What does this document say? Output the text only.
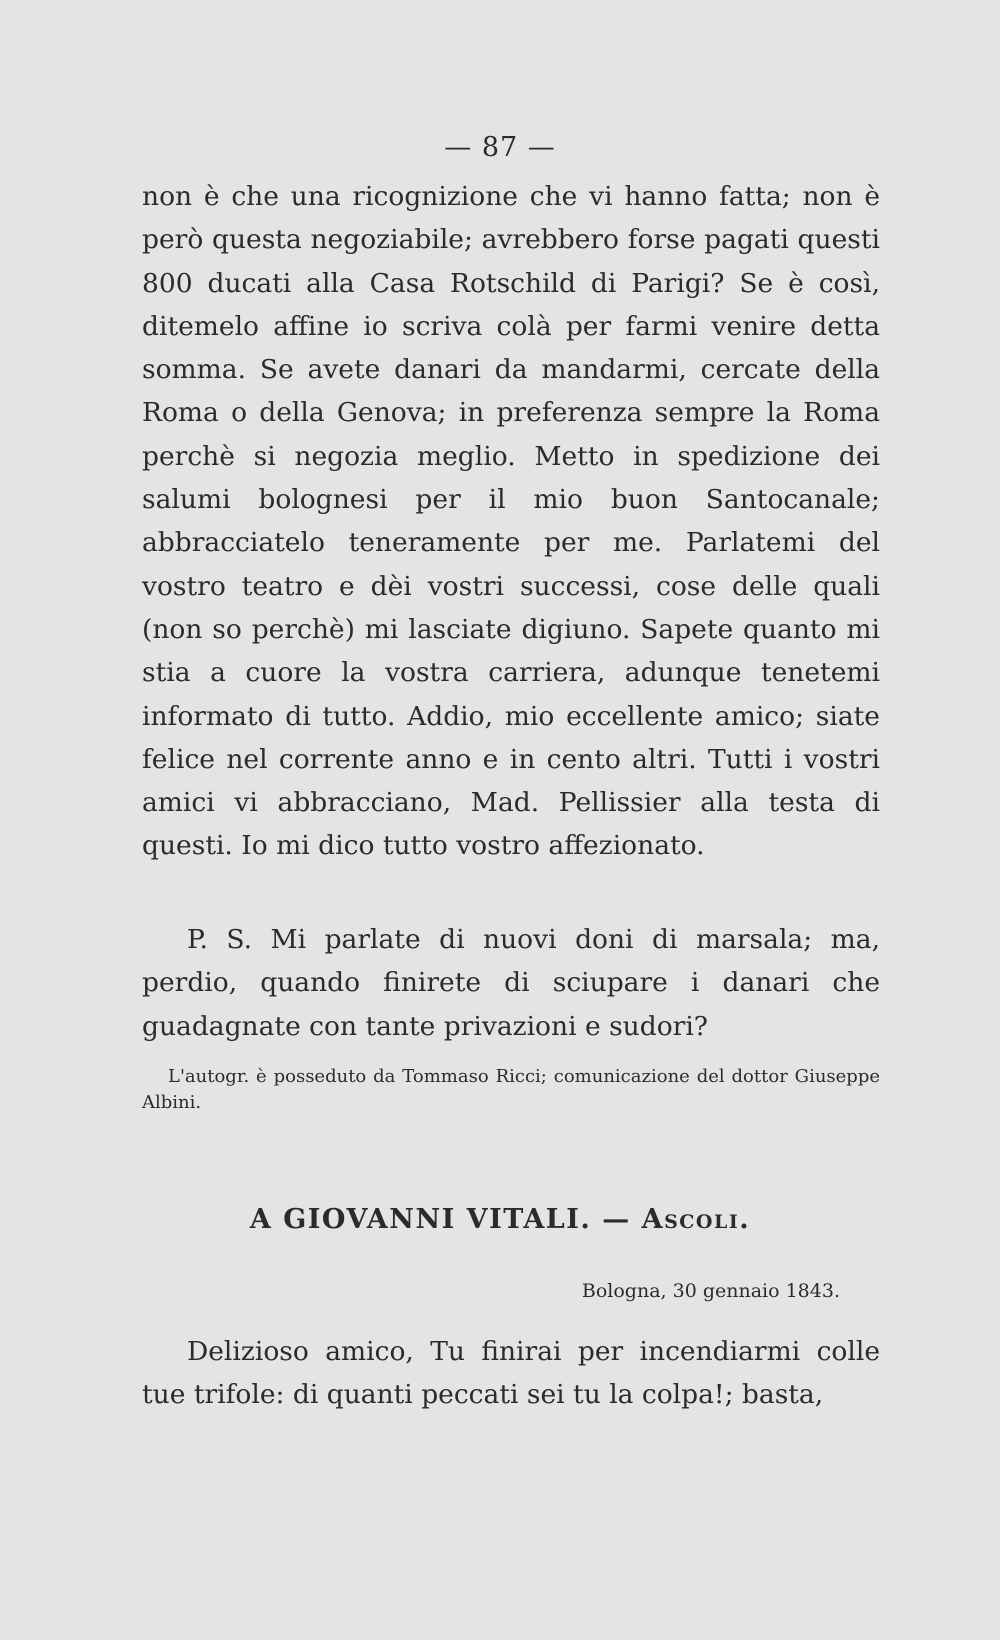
— 87 —

non è che una ricognizione che vi hanno fatta; non è però questa negoziabile; avrebbero forse pagati questi 800 ducati alla Casa Rotschild di Parigi? Se è così, ditemelo affine io scriva colà per farmi venire detta somma. Se avete danari da mandarmi, cercate della Roma o della Genova; in preferenza sempre la Roma perchè si negozia meglio. Metto in spedizione dei salumi bolognesi per il mio buon Santocanale; abbracciatelo teneramente per me. Parlatemi del vostro teatro e dèi vostri successi, cose delle quali (non so perchè) mi lasciate digiuno. Sapete quanto mi stia a cuore la vostra carriera, adunque tenetemi informato di tutto. Addio, mio eccellente amico; siate felice nel corrente anno e in cento altri. Tutti i vostri amici vi abbracciano, Mad. Pellissier alla testa di questi. Io mi dico tutto vostro affezionato.

P. S. Mi parlate di nuovi doni di marsala; ma, perdio, quando finirete di sciupare i danari che guadagnate con tante privazioni e sudori?

L'autogr. è posseduto da Tommaso Ricci; comunicazione del dottor Giuseppe Albini.

A GIOVANNI VITALI. — Ascoli.

Bologna, 30 gennaio 1843.

Delizioso amico, Tu finirai per incendiarmi colle tue trifole: di quanti peccati sei tu la colpa!; basta,
